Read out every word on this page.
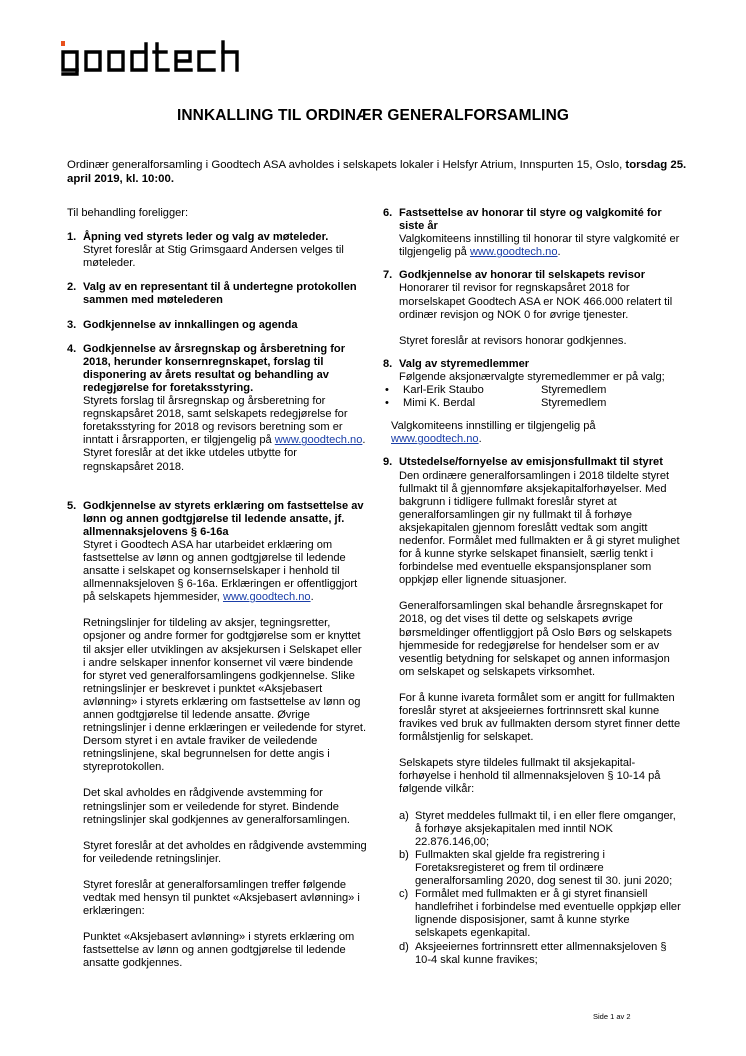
INNKALLING TIL ORDINÆR GENERALFORSAMLING

Ordinær generalforsamling i Goodtech ASA avholdes i selskapets lokaler i Helsfyr Atrium, Innspurten 15, Oslo, torsdag 25. april 2019, kl. 10:00.

Til behandling foreligger:

1. Åpning ved styrets leder og valg av møteleder.

Styret foreslår at Stig Grimsgaard Andersen velges til møteleder.

2. Valg av en representant til å undertegne protokollen sammen med møtelederen

3. Godkjennelse av innkallingen og agenda

4. Godkjennelse av årsregnskap og årsberetning for 2018, herunder konsernregnskapet, forslag til disponering av årets resultat og behandling av redegjørelse for foretaksstyring.

Styrets forslag til årsregnskap og årsberetning for regnskapsåret 2018, samt selskapets redegjørelse for foretaksstyring for 2018 og revisors beretning som er inntatt i årsrapporten, er tilgjengelig på www.goodtech.no. Styret foreslår at det ikke utdeles utbytte for regnskapsåret 2018.

5. Godkjennelse av styrets erklæring om fastsettelse av lønn og annen godtgjørelse til ledende ansatte, jf. allmennaksjelovens § 6-16a

Styret i Goodtech ASA har utarbeidet erklæring om fastsettelse av lønn og annen godtgjørelse til ledende ansatte i selskapet og konsernselskaper i henhold til allmennaksjeloven § 6-16a. Erklæringen er offentliggjort på selskapets hjemmesider, www.goodtech.no.

Retningslinjer for tildeling av aksjer, tegningsretter, opsjoner og andre former for godtgjørelse som er knyttet til aksjer eller utviklingen av aksjekursen i Selskapet eller i andre selskaper innenfor konsernet vil være bindende for styret ved generalforsamlingens godkjennelse. Slike retningslinjer er beskrevet i punktet «Aksjebasert avlønning» i styrets erklæring om fastsettelse av lønn og annen godtgjørelse til ledende ansatte. Øvrige retningslinjer i denne erklæringen er veiledende for styret. Dersom styret i en avtale fraviker de veiledende retningslinjene, skal begrunnelsen for dette angis i styreprotokollen.

Det skal avholdes en rådgivende avstemming for retningslinjer som er veiledende for styret. Bindende retningslinjer skal godkjennes av generalforsamlingen.

Styret foreslår at det avholdes en rådgivende avstemming for veiledende retningslinjer.

Styret foreslår at generalforsamlingen treffer følgende vedtak med hensyn til punktet «Aksjebasert avlønning» i erklæringen:

Punktet «Aksjebasert avlønning» i styrets erklæring om fastsettelse av lønn og annen godtgjørelse til ledende ansatte godkjennes.

6. Fastsettelse av honorar til styre og valgkomité for siste år

Valgkomiteens innstilling til honorar til styre valgkomité er tilgjengelig på www.goodtech.no.

7. Godkjennelse av honorar til selskapets revisor

Honorarer til revisor for regnskapsåret 2018 for morselskapet Goodtech ASA er NOK 466.000 relatert til ordinær revisjon og NOK 0 for øvrige tjenester.

Styret foreslår at revisors honorar godkjennes.

8. Valg av styremedlemmer

Følgende aksjonærvalgte styremedlemmer er på valg;

•	Karl-Erik Staubo	Styremedlem
•	Mimi K. Berdal	Styremedlem

Valgkomiteens innstilling er tilgjengelig på
www.goodtech.no.

9. Utstedelse/fornyelse av emisjonsfullmakt til styret

Den ordinære generalforsamlingen i 2018 tildelte styret fullmakt til å gjennomføre aksjekapitalforhøyelser. Med bakgrunn i tidligere fullmakt foreslår styret at generalforsamlingen gir ny fullmakt til å forhøye aksjekapitalen gjennom foreslått vedtak som angitt nedenfor. Formålet med fullmakten er å gi styret mulighet for å kunne styrke selskapet finansielt, særlig tenkt i forbindelse med eventuelle ekspansjonsplaner som oppkjøp eller lignende situasjoner.

Generalforsamlingen skal behandle årsregnskapet for 2018, og det vises til dette og selskapets øvrige børsmeldinger offentliggjort på Oslo Børs og selskapets hjemmeside for redegjørelse for hendelser som er av vesentlig betydning for selskapet og annen informasjon om selskapet og selskapets virksomhet.

For å kunne ivareta formålet som er angitt for fullmakten foreslår styret at aksjeeiernes fortrinnsrett skal kunne fravikes ved bruk av fullmakten dersom styret finner dette formålstjenlig for selskapet.

Selskapets styre tildeles fullmakt til aksjekapital-forhøyelse i henhold til allmennaksjeloven § 10-14 på følgende vilkår:

a) Styret meddeles fullmakt til, i en eller flere omganger, å forhøye aksjekapitalen med inntil NOK 22.876.146,00;
b) Fullmakten skal gjelde fra registrering i Foretaksregisteret og frem til ordinære generalforsamling 2020, dog senest til 30. juni 2020;
c) Formålet med fullmakten er å gi styret finansiell handlefrihet i forbindelse med eventuelle oppkjøp eller lignende disposisjoner, samt å kunne styrke selskapets egenkapital.
d) Aksjeeiernes fortrinnsrett etter allmennaksjeloven § 10-4 skal kunne fravikes;
Side 1 av 2
